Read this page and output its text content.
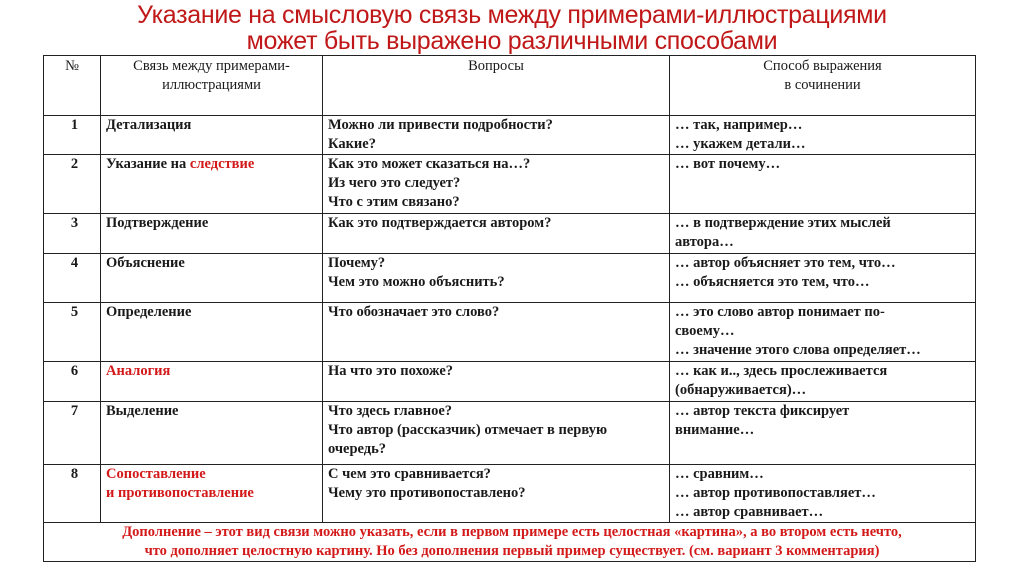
Указание на смысловую связь между примерами-иллюстрациями
может быть выражено различными способами
№	Связь между примерами-
иллюстрациями	Вопросы	Способ выражения
в сочинении

1	Детализация	Можно ли привести подробности?
Какие?	… так, например…
… укажем детали…

2	Указание на следствие	Как это может сказаться на…?
Из чего это следует?
Что с этим связано?	… вот почему…

3	Подтверждение	Как это подтверждается автором?	… в подтверждение этих мыслей
автора…

4	Объяснение	Почему?
Чем это можно объяснить?	… автор объясняет это тем, что…
… объясняется это тем, что…

5	Определение	Что обозначает это слово?	… это слово автор понимает по-
своему…
… значение этого слова определяет…

6	Аналогия	На что это похоже?	… как и.., здесь прослеживается
(обнаруживается)…

7	Выделение	Что здесь главное?
Что автор (рассказчик) отмечает в первую
очередь?	… автор текста фиксирует
внимание…

8	Сопоставление
и противопоставление	С чем это сравнивается?
Чему это противопоставлено?	… сравним…
… автор противопоставляет…
… автор сравнивает…

Дополнение – этот вид связи можно указать, если в первом примере есть целостная «картина», а во втором есть нечто,
что дополняет целостную картину. Но без дополнения первый пример существует. (см. вариант 3 комментария)			
